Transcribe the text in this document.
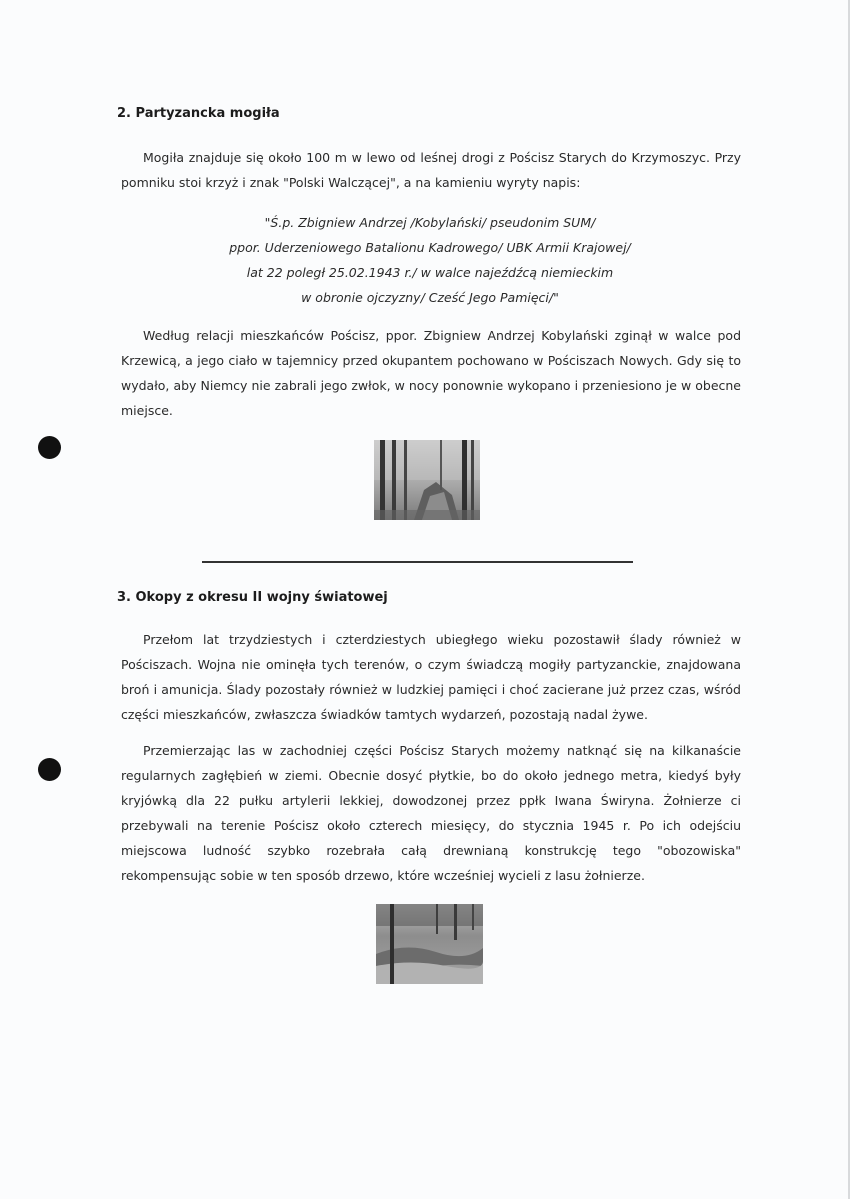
2. Partyzancka mogiła
Mogiła znajduje się około 100 m w lewo od leśnej drogi z Pościsz Starych do Krzymoszyc. Przy pomniku stoi krzyż i znak "Polski Walczącej", a na kamieniu wyryty napis:
"Ś.p. Zbigniew Andrzej /Kobylański/ pseudonim SUM/
ppor. Uderzeniowego Batalionu Kadrowego/ UBK Armii Krajowej/
lat 22 poległ 25.02.1943 r./ w walce najeźdźcą niemieckim
w obronie ojczyzny/ Cześć Jego Pamięci/"
Według relacji mieszkańców Pościsz, ppor. Zbigniew Andrzej Kobylański zginął w walce pod Krzewicą, a jego ciało w tajemnicy przed okupantem pochowano w Pościszach Nowych. Gdy się to wydało, aby Niemcy nie zabrali jego zwłok, w nocy ponownie wykopano i przeniesiono je w obecne miejsce.
3. Okopy z okresu II wojny światowej
Przełom lat trzydziestych i czterdziestych ubiegłego wieku pozostawił ślady również w Pościszach. Wojna nie ominęła tych terenów, o czym świadczą mogiły partyzanckie, znajdowana broń i amunicja. Ślady pozostały również w ludzkiej pamięci i choć zacierane już przez czas, wśród części mieszkańców, zwłaszcza świadków tamtych wydarzeń, pozostają nadal żywe.
Przemierzając las w zachodniej części Pościsz Starych możemy natknąć się na kilkanaście regularnych zagłębień w ziemi. Obecnie dosyć płytkie, bo do około jednego metra, kiedyś były kryjówką dla 22 pułku artylerii lekkiej, dowodzonej przez ppłk Iwana Świryna. Żołnierze ci przebywali na terenie Pościsz około czterech miesięcy, do stycznia 1945 r. Po ich odejściu miejscowa ludność szybko rozebrała całą drewnianą konstrukcję tego "obozowiska" rekompensując sobie w ten sposób drzewo, które wcześniej wycieli z lasu żołnierze.
